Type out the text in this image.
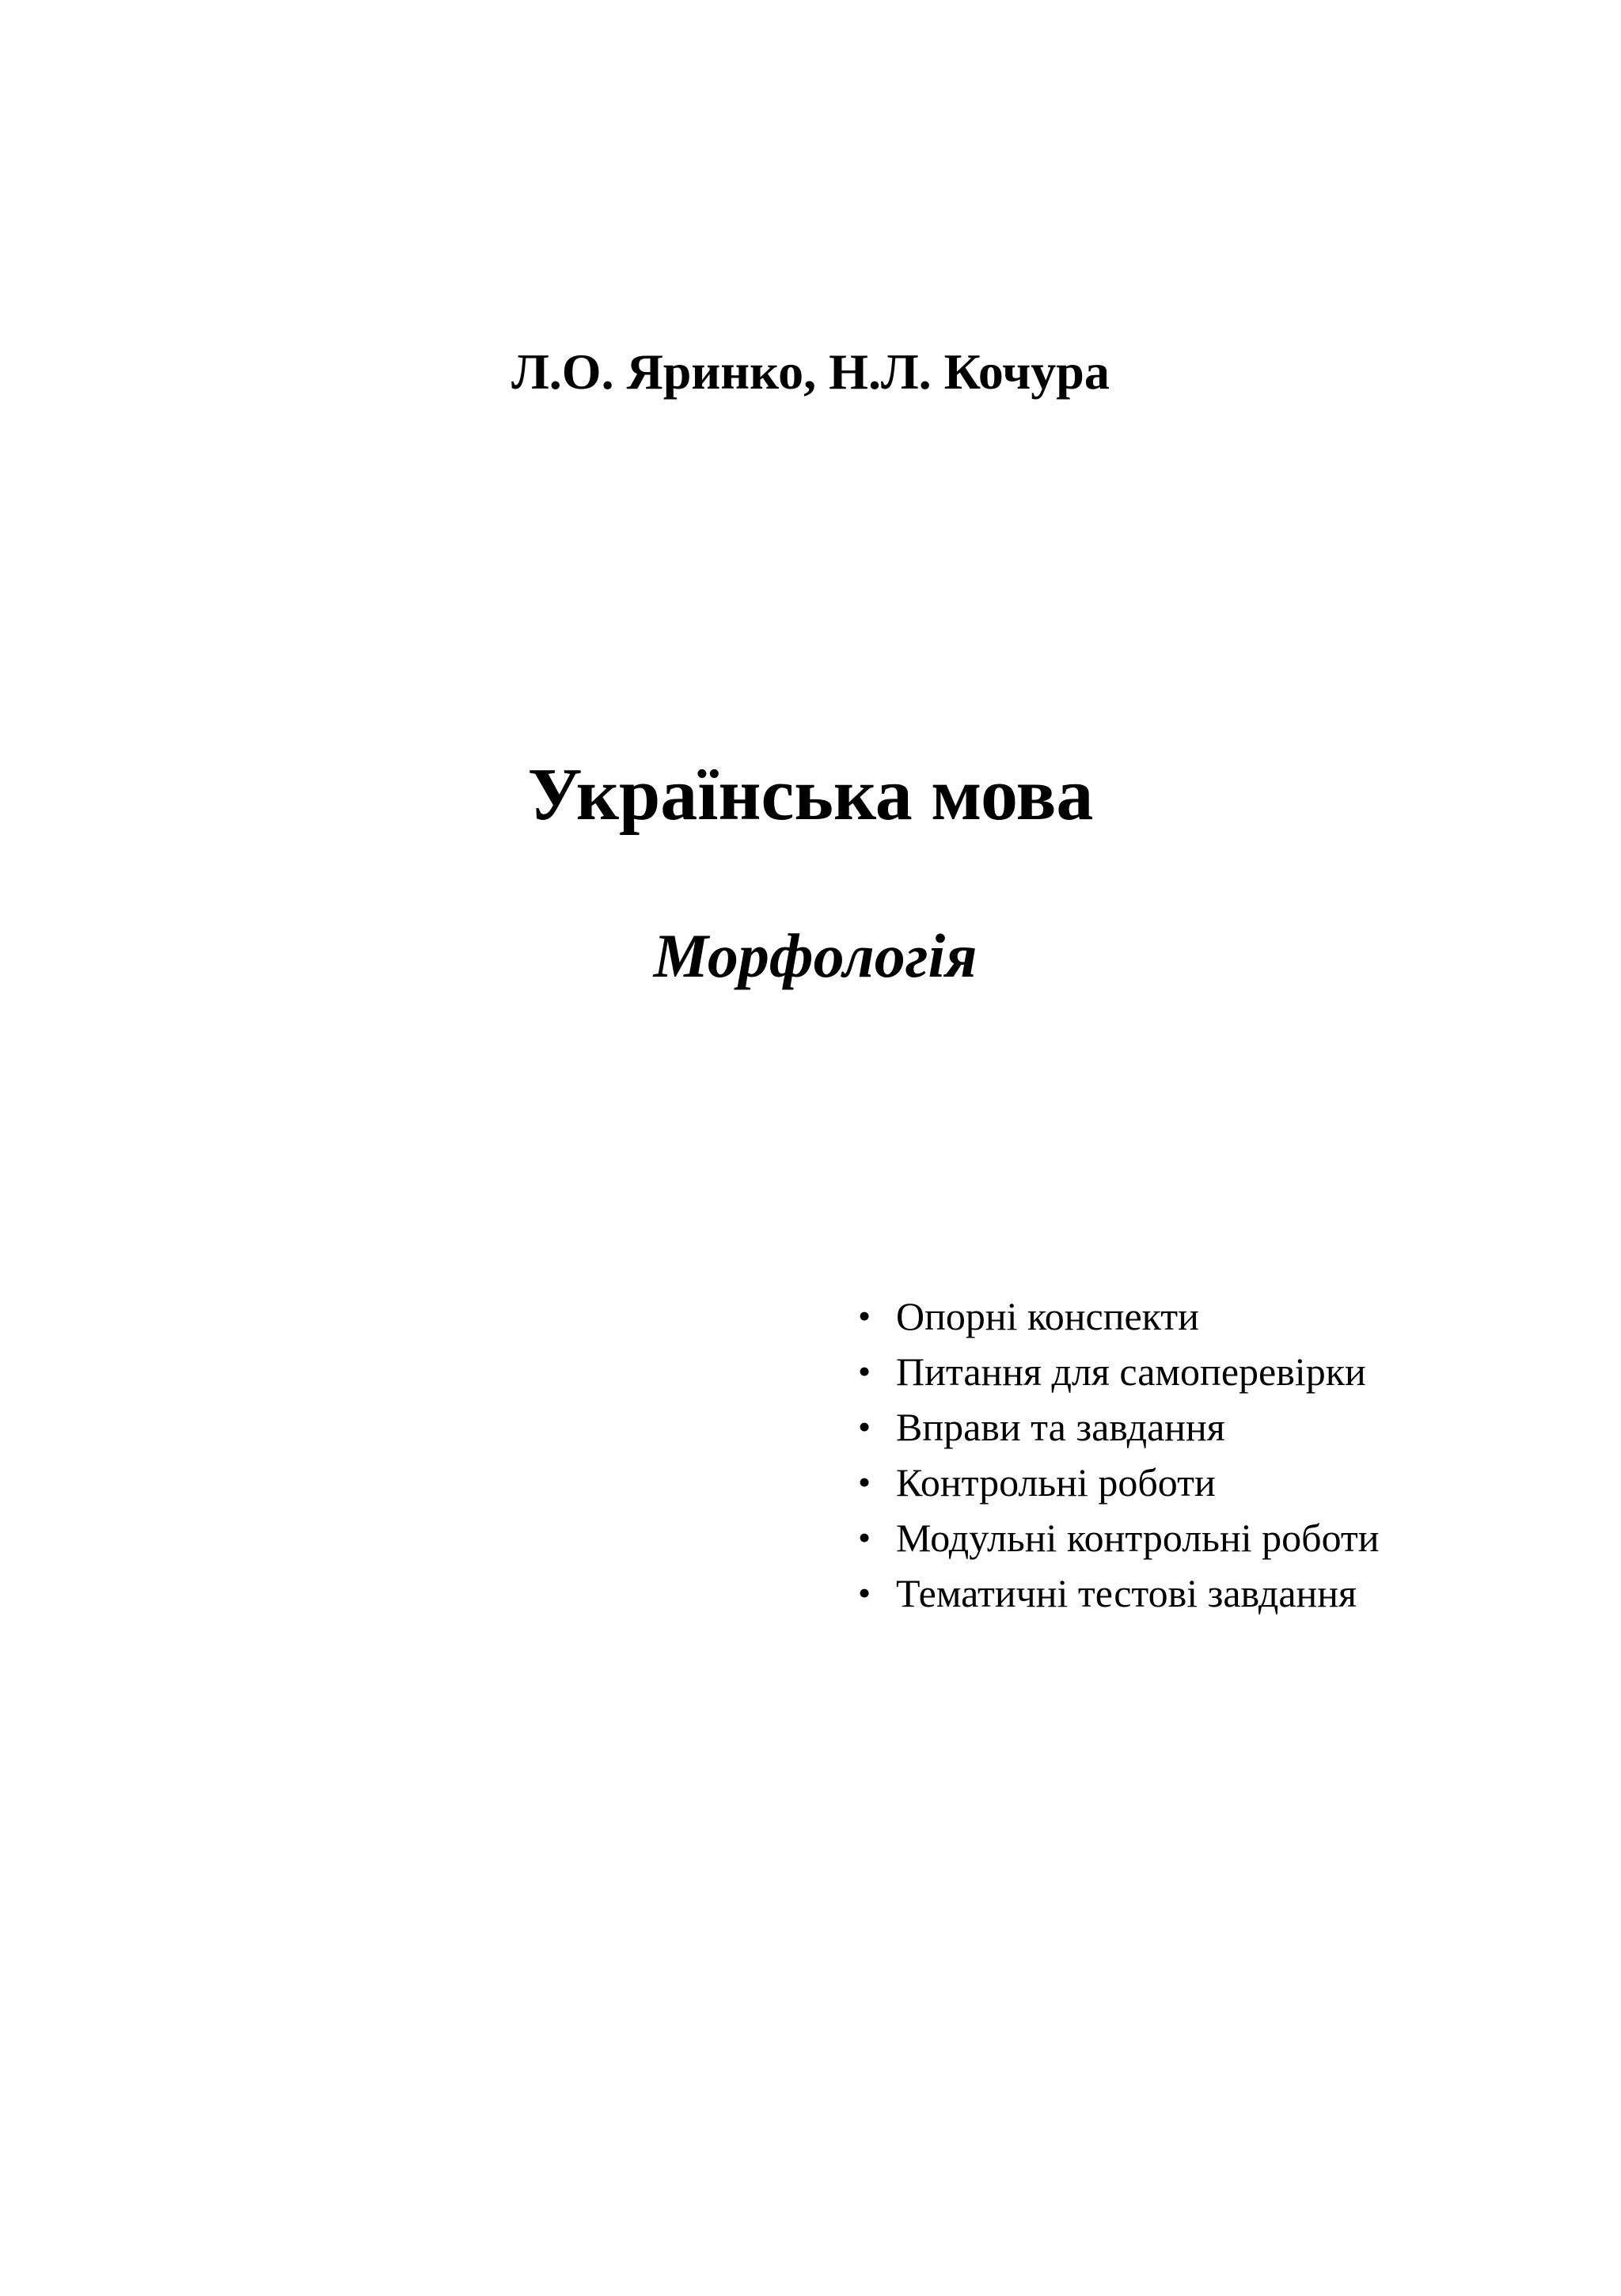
Л.О. Яринко, Н.Л. Кочура
Українська мова
Морфологія
• Опорні конспекти
• Питання для самоперевірки
• Вправи та завдання
• Контрольні роботи
• Модульні контрольні роботи
• Тематичні тестові завдання
